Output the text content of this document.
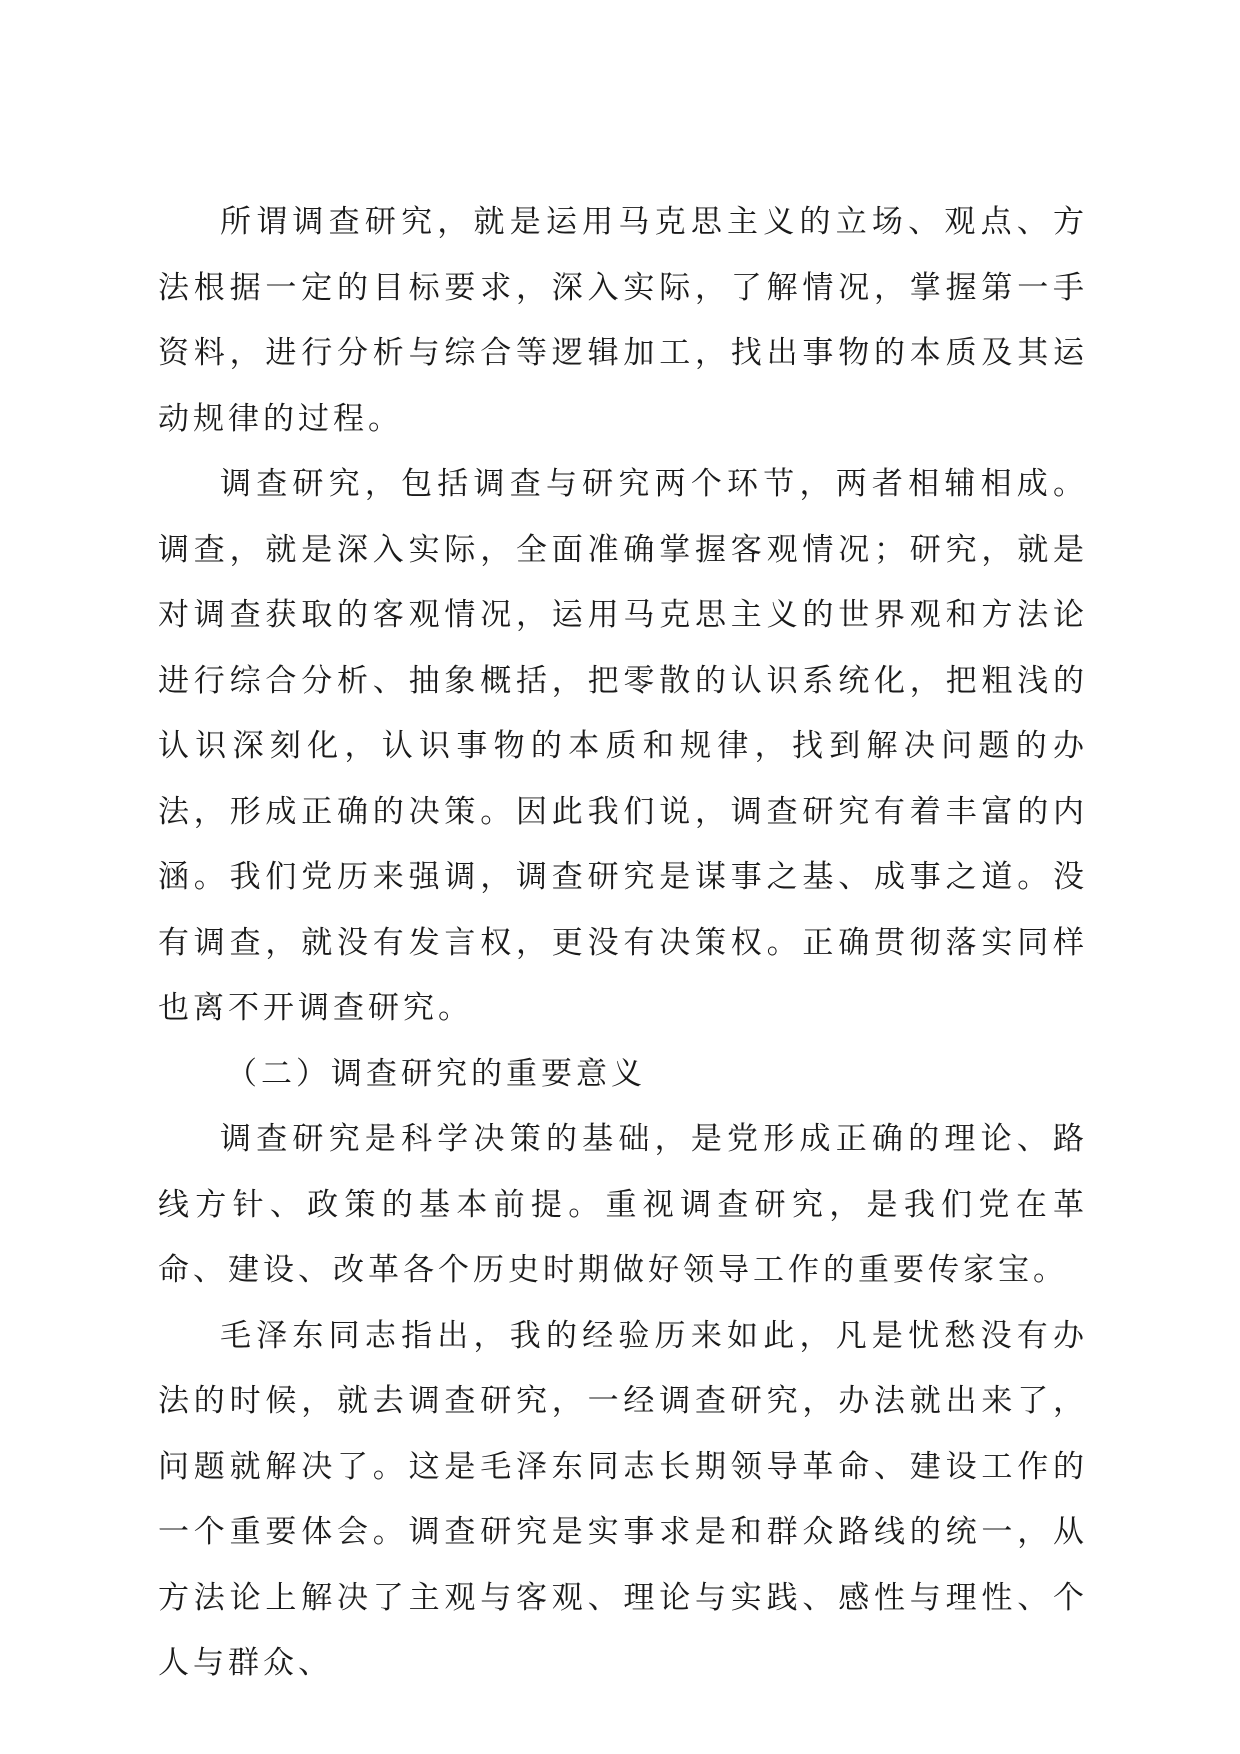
所谓调查研究，就是运用马克思主义的立场、观点、方法根据一定的目标要求，深入实际，了解情况，掌握第一手资料，进行分析与综合等逻辑加工，找出事物的本质及其运动规律的过程。

调查研究，包括调查与研究两个环节，两者相辅相成。调查，就是深入实际，全面准确掌握客观情况；研究，就是对调查获取的客观情况，运用马克思主义的世界观和方法论进行综合分析、抽象概括，把零散的认识系统化，把粗浅的认识深刻化，认识事物的本质和规律，找到解决问题的办法，形成正确的决策。因此我们说，调查研究有着丰富的内涵。我们党历来强调，调查研究是谋事之基、成事之道。没有调查，就没有发言权，更没有决策权。正确贯彻落实同样也离不开调查研究。

（二）调查研究的重要意义

调查研究是科学决策的基础，是党形成正确的理论、路线方针、政策的基本前提。重视调查研究，是我们党在革命、建设、改革各个历史时期做好领导工作的重要传家宝。

毛泽东同志指出，我的经验历来如此，凡是忧愁没有办法的时候，就去调查研究，一经调查研究，办法就出来了，问题就解决了。这是毛泽东同志长期领导革命、建设工作的一个重要体会。调查研究是实事求是和群众路线的统一，从方法论上解决了主观与客观、理论与实践、感性与理性、个人与群众、
